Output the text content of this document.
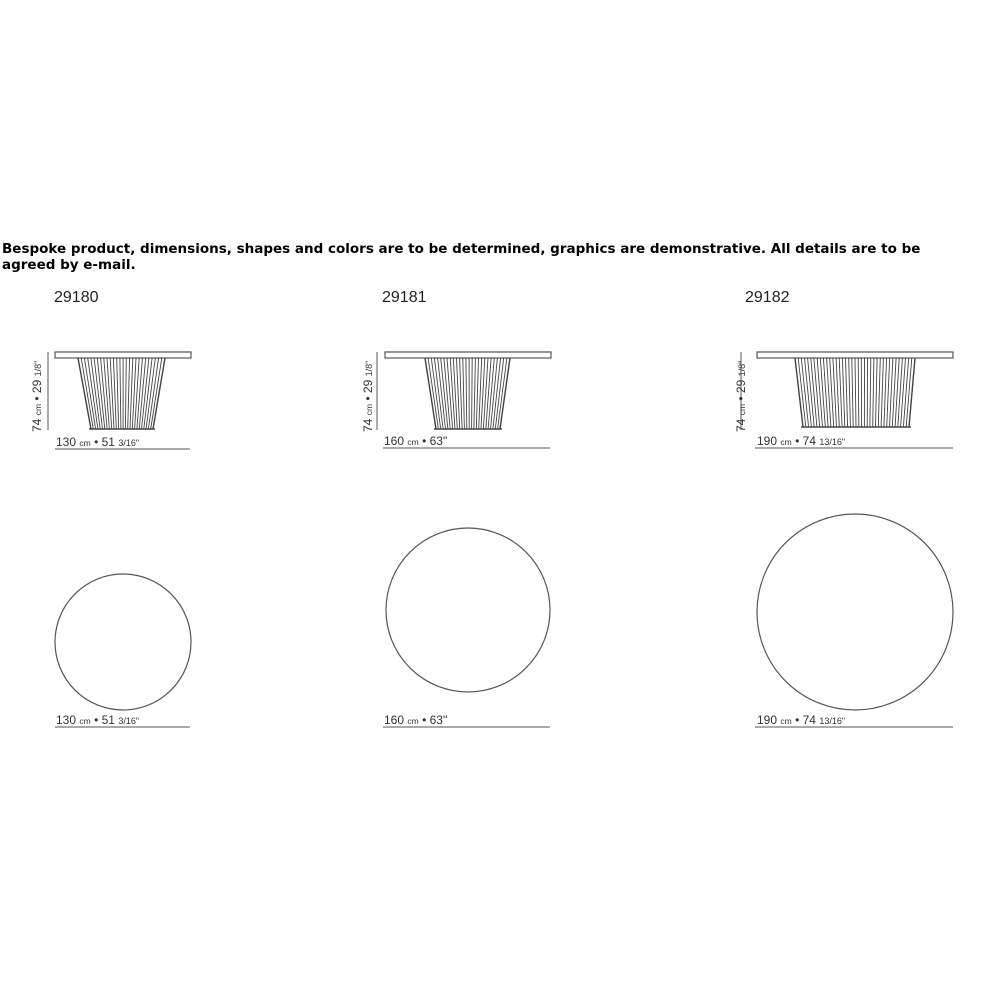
Bespoke product, dimensions, shapes and colors are to be determined, graphics are demonstrative. All details are to be agreed by e-mail.
29180
74 cm • 29 1/8"
130 cm • 51 3/16"
130 cm • 51 3/16"
29181
74 cm • 29 1/8"
160 cm • 63"
160 cm • 63"
29182
74 cm • 29 1/8"
190 cm • 74 13/16"
190 cm • 74 13/16"
